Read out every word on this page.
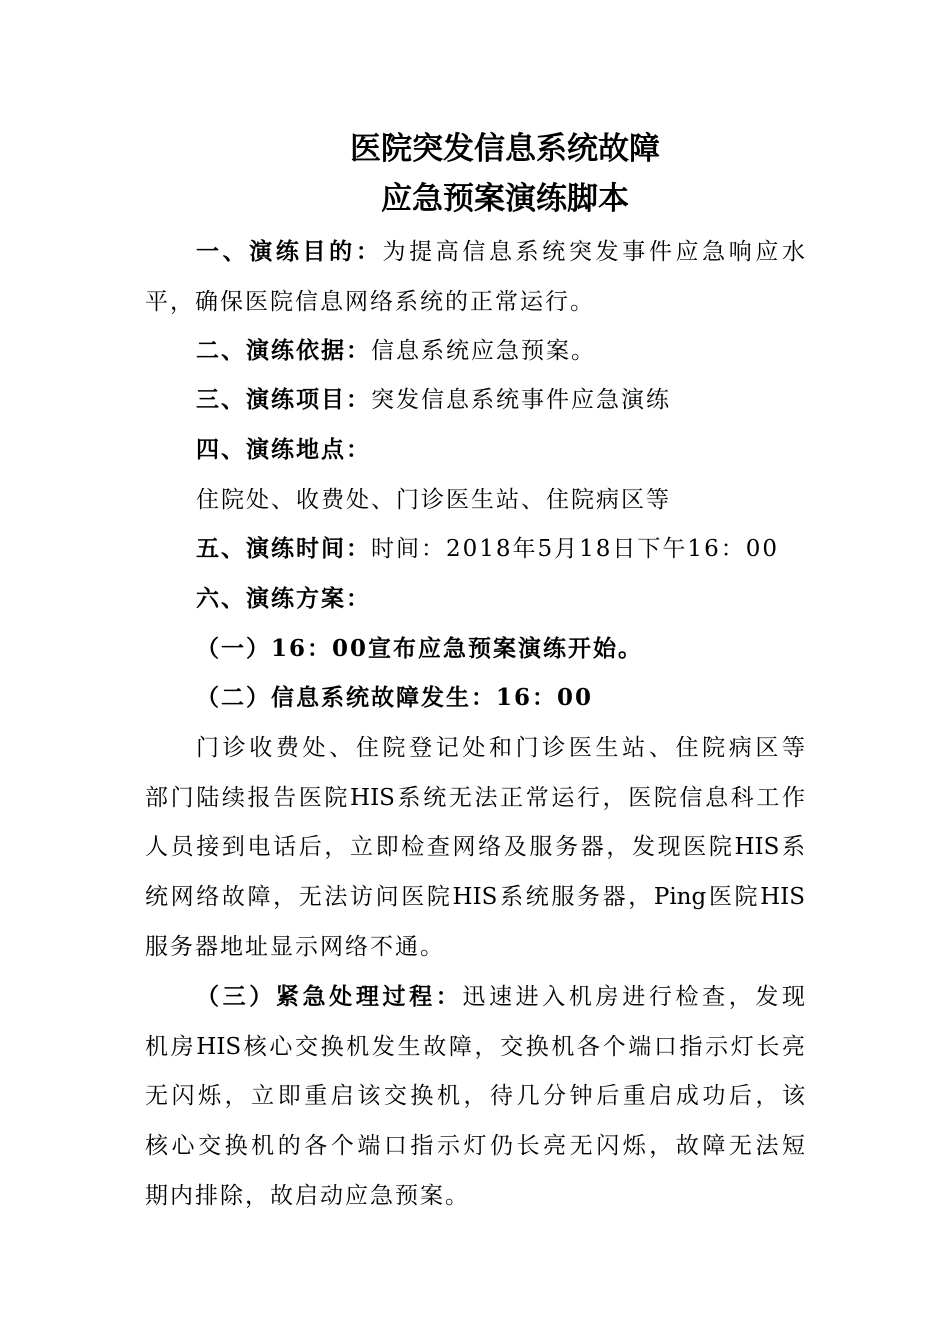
医院突发信息系统故障
应急预案演练脚本
一、演练目的：为提高信息系统突发事件应急响应水
平，确保医院信息网络系统的正常运行。
二、演练依据：信息系统应急预案。
三、演练项目：突发信息系统事件应急演练
四、演练地点：
住院处、收费处、门诊医生站、住院病区等
五、演练时间：时间：2018年5月18日下午16：00
六、演练方案：
（一）16：00宣布应急预案演练开始。
（二）信息系统故障发生：16：00
门诊收费处、住院登记处和门诊医生站、住院病区等
部门陆续报告医院HIS系统无法正常运行，医院信息科工作
人员接到电话后，立即检查网络及服务器，发现医院HIS系
统网络故障，无法访问医院HIS系统服务器，Ping医院HIS
服务器地址显示网络不通。
（三）紧急处理过程：迅速进入机房进行检查，发现
机房HIS核心交换机发生故障，交换机各个端口指示灯长亮
无闪烁，立即重启该交换机，待几分钟后重启成功后，该
核心交换机的各个端口指示灯仍长亮无闪烁，故障无法短
期内排除，故启动应急预案。
